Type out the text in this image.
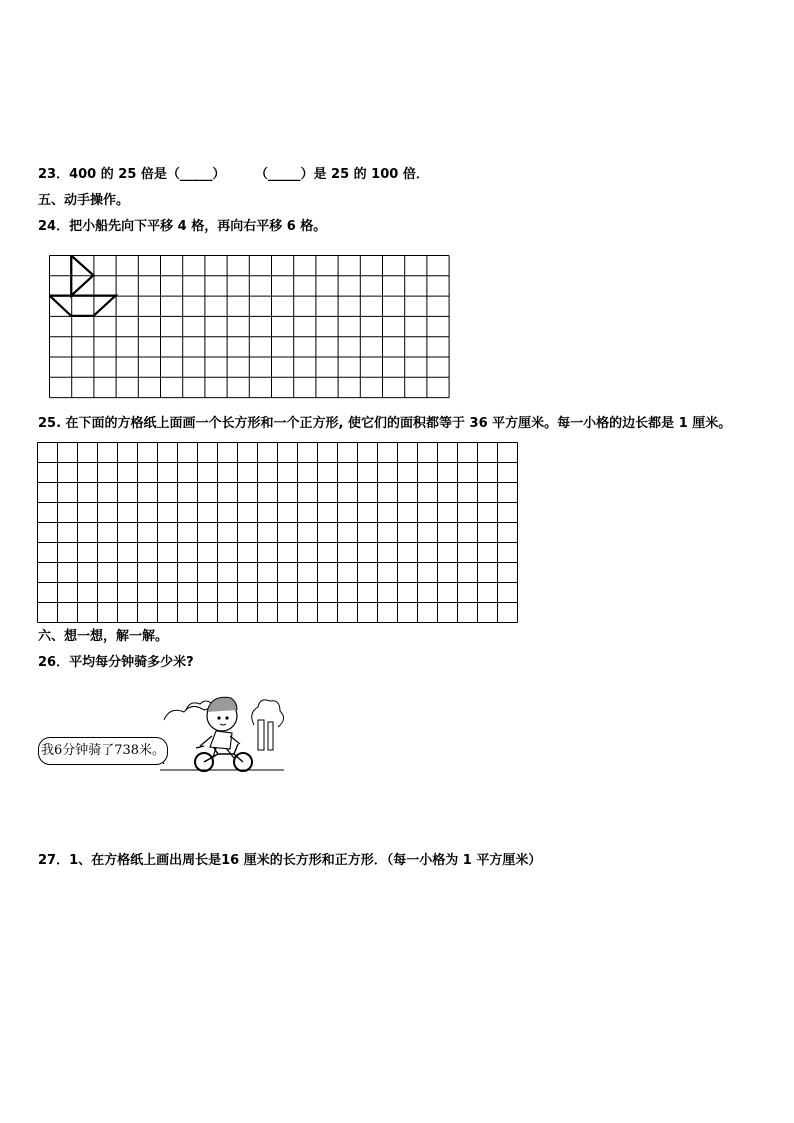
23．400 的 25 倍是（_____） （_____）是 25 的 100 倍．
五、动手操作。
24．把小船先向下平移 4 格，再向右平移 6 格。
25. 在下面的方格纸上面画一个长方形和一个正方形, 使它们的面积都等于 36 平方厘米。每一小格的边长都是 1 厘米。
六、想一想，解一解。
26．平均每分钟骑多少米?
我6分钟骑了738米。
27．1、在方格纸上画出周长是16 厘米的长方形和正方形．（每一小格为 1 平方厘米）
